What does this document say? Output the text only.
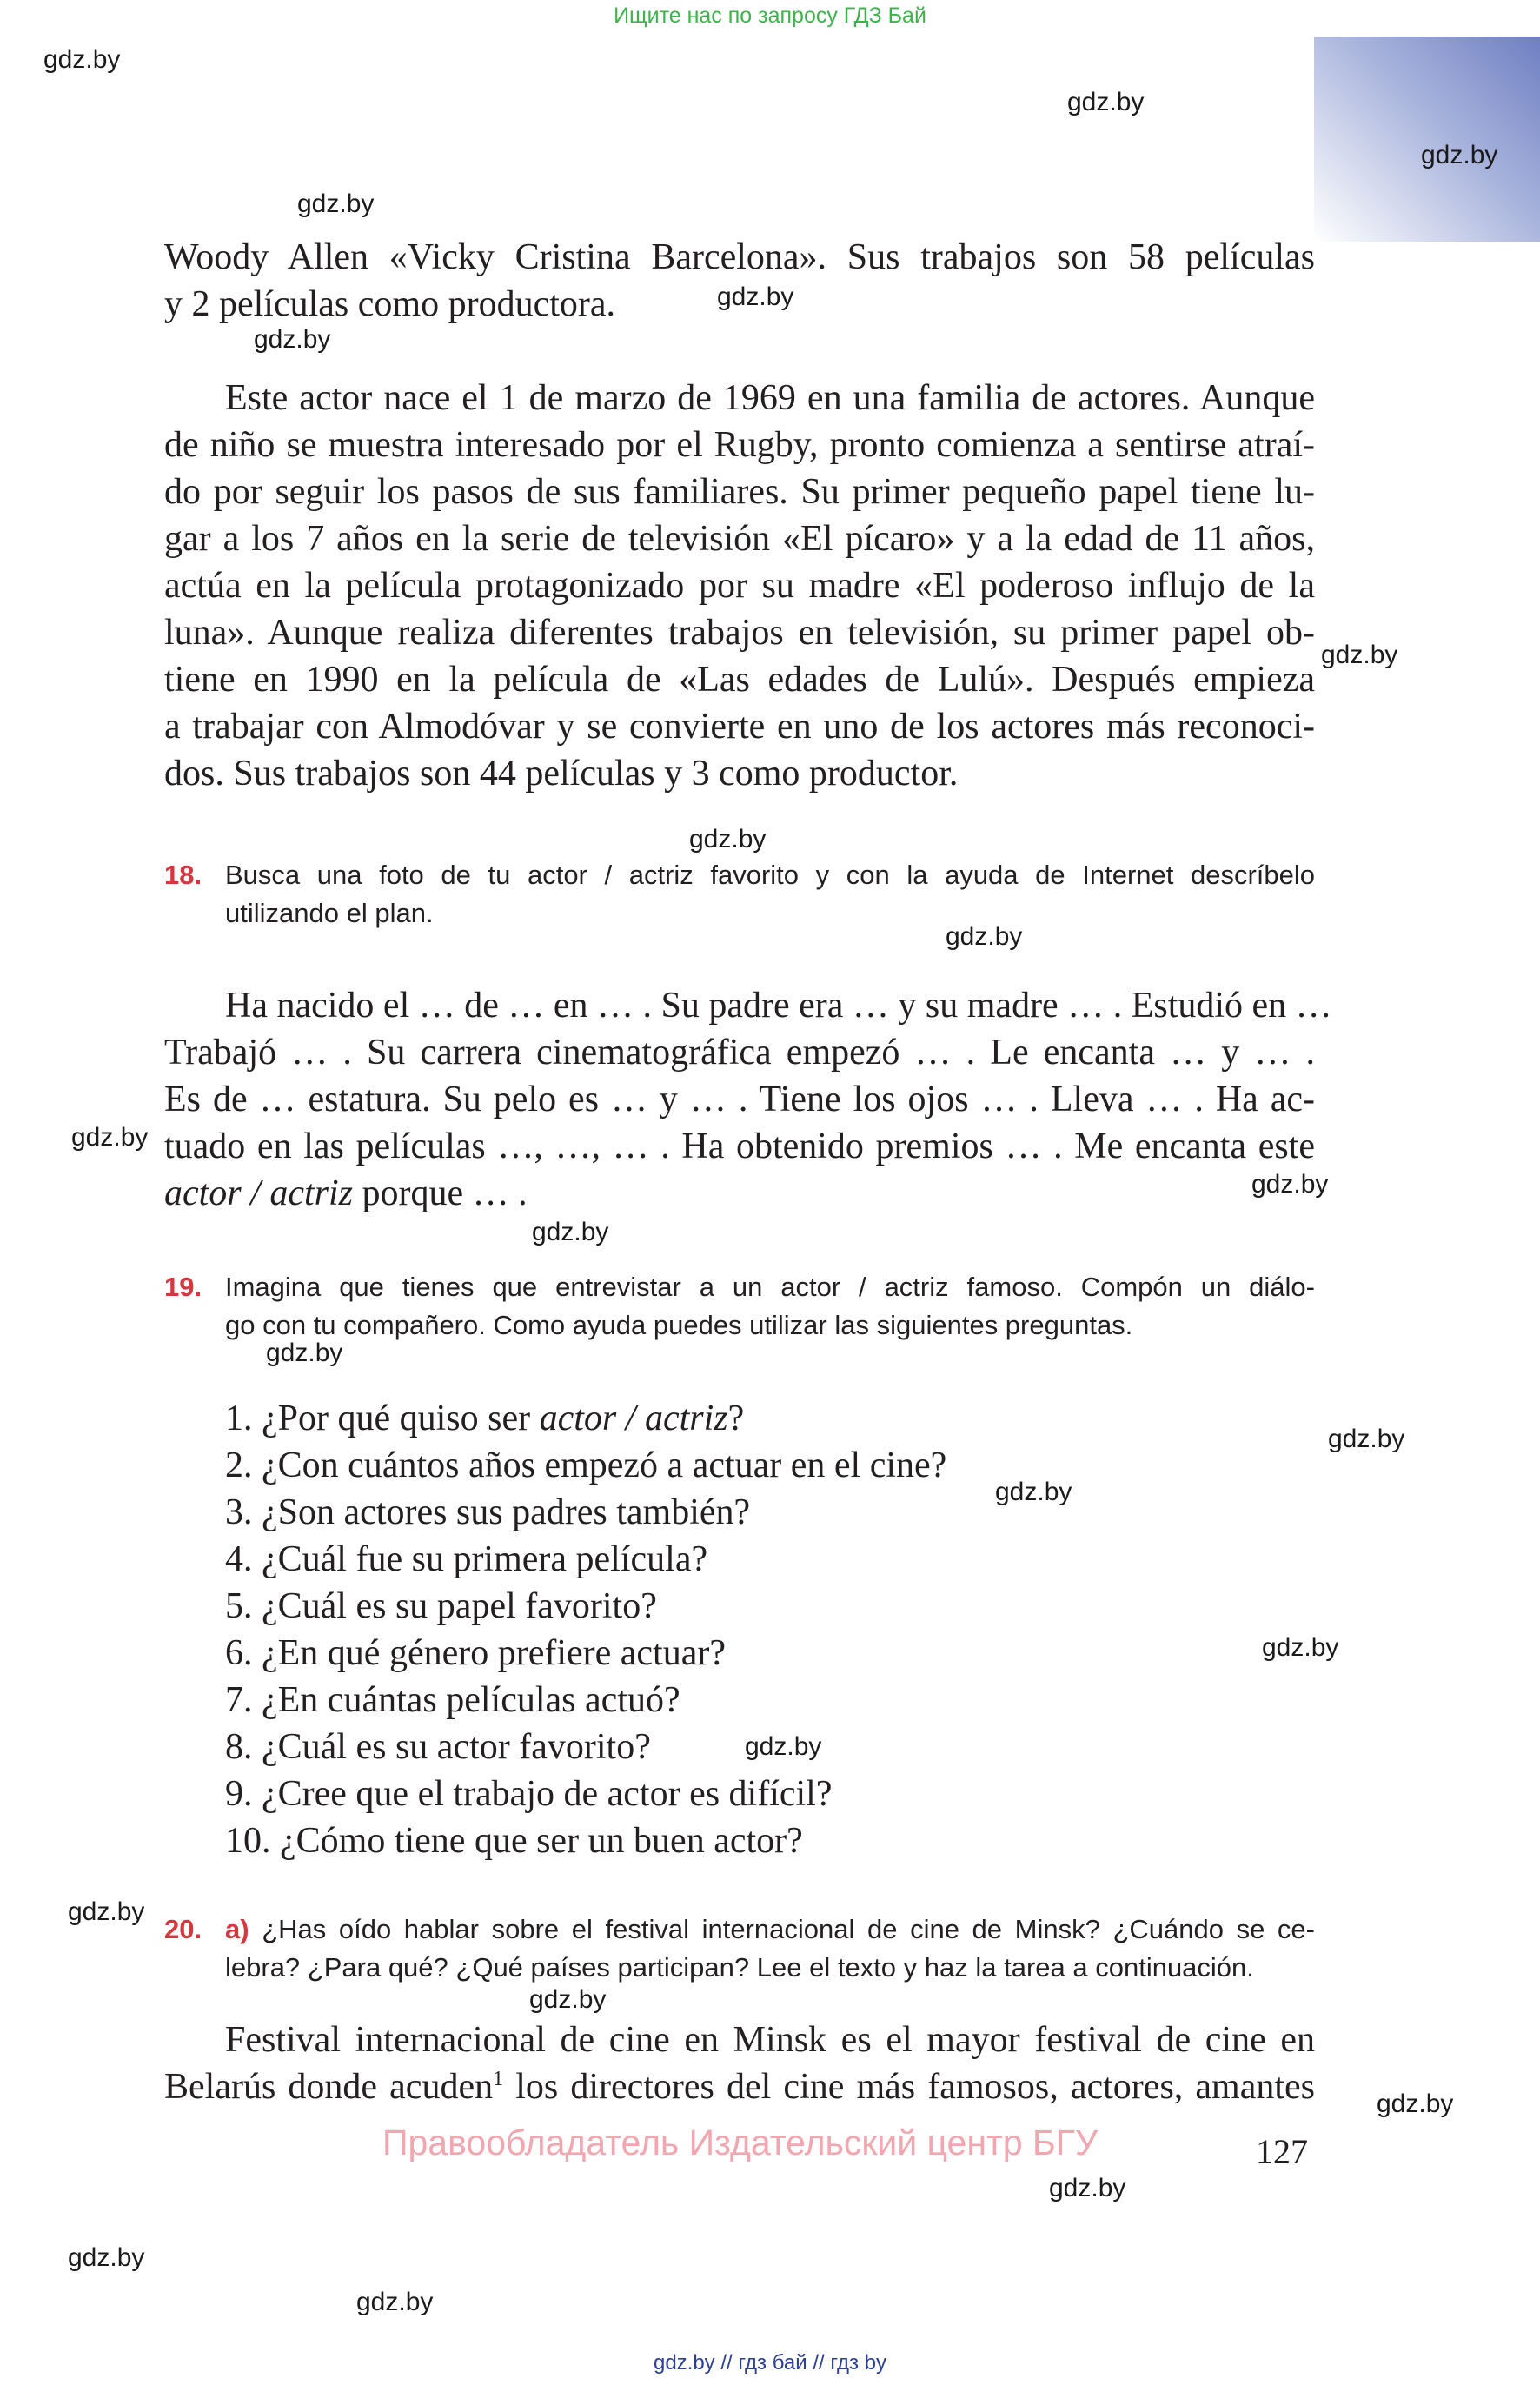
Ищите нас по запросу ГДЗ Бай
gdz.by
gdz.by
gdz.by
gdz.by
gdz.by
gdz.by
gdz.by
gdz.by
gdz.by
gdz.by
gdz.by
gdz.by
gdz.by
gdz.by
gdz.by
gdz.by
gdz.by
gdz.by
gdz.by
gdz.by
gdz.by
gdz.by
gdz.by
Woody Allen «Vicky Cristina Barcelona». Sus trabajos son 58 películas
y 2 películas como productora.
Este actor nace el 1 de marzo de 1969 en una familia de actores. Aunque
de niño se muestra interesado por el Rugby, pronto comienza a sentirse atraí-
do por seguir los pasos de sus familiares. Su primer pequeño papel tiene lu-
gar a los 7 años en la serie de televisión «El pícaro» y a la edad de 11 años,
actúa en la película protagonizado por su madre «El poderoso influjo de la
luna». Aunque realiza diferentes trabajos en televisión, su primer papel ob-
tiene en 1990 en la película de «Las edades de Lulú». Después empieza
a trabajar con Almodóvar y se convierte en uno de los actores más reconoci-
dos. Sus trabajos son 44 películas y 3 como productor.
18. Busca una foto de tu actor / actriz favorito y con la ayuda de Internet descríbelo
utilizando el plan.
Ha nacido el … de … en … . Su padre era … y su madre … . Estudió en …
Trabajó … . Su carrera cinematográfica empezó … . Le encanta … y … .
Es de … estatura. Su pelo es … y … . Tiene los ojos … . Lleva … . Ha ac-
tuado en las películas …, …, … . Ha obtenido premios … . Me encanta este
actor / actriz porque … .
19. Imagina que tienes que entrevistar a un actor / actriz famoso. Compón un diálo-
go con tu compañero. Como ayuda puedes utilizar las siguientes preguntas.
1. ¿Por qué quiso ser actor / actriz?
2. ¿Con cuántos años empezó a actuar en el cine?
3. ¿Son actores sus padres también?
4. ¿Cuál fue su primera película?
5. ¿Cuál es su papel favorito?
6. ¿En qué género prefiere actuar?
7. ¿En cuántas películas actuó?
8. ¿Cuál es su actor favorito?
9. ¿Cree que el trabajo de actor es difícil?
10. ¿Cómo tiene que ser un buen actor?
20. a) ¿Has oído hablar sobre el festival internacional de cine de Minsk? ¿Cuándo se ce-
lebra? ¿Para qué? ¿Qué países participan? Lee el texto y haz la tarea a continuación.
Festival internacional de cine en Minsk es el mayor festival de cine en
Belarús donde acuden$^1$ los directores del cine más famosos, actores, amantes
Правообладатель Издательский центр БГУ	127
gdz.by // гдз бай // гдз by
